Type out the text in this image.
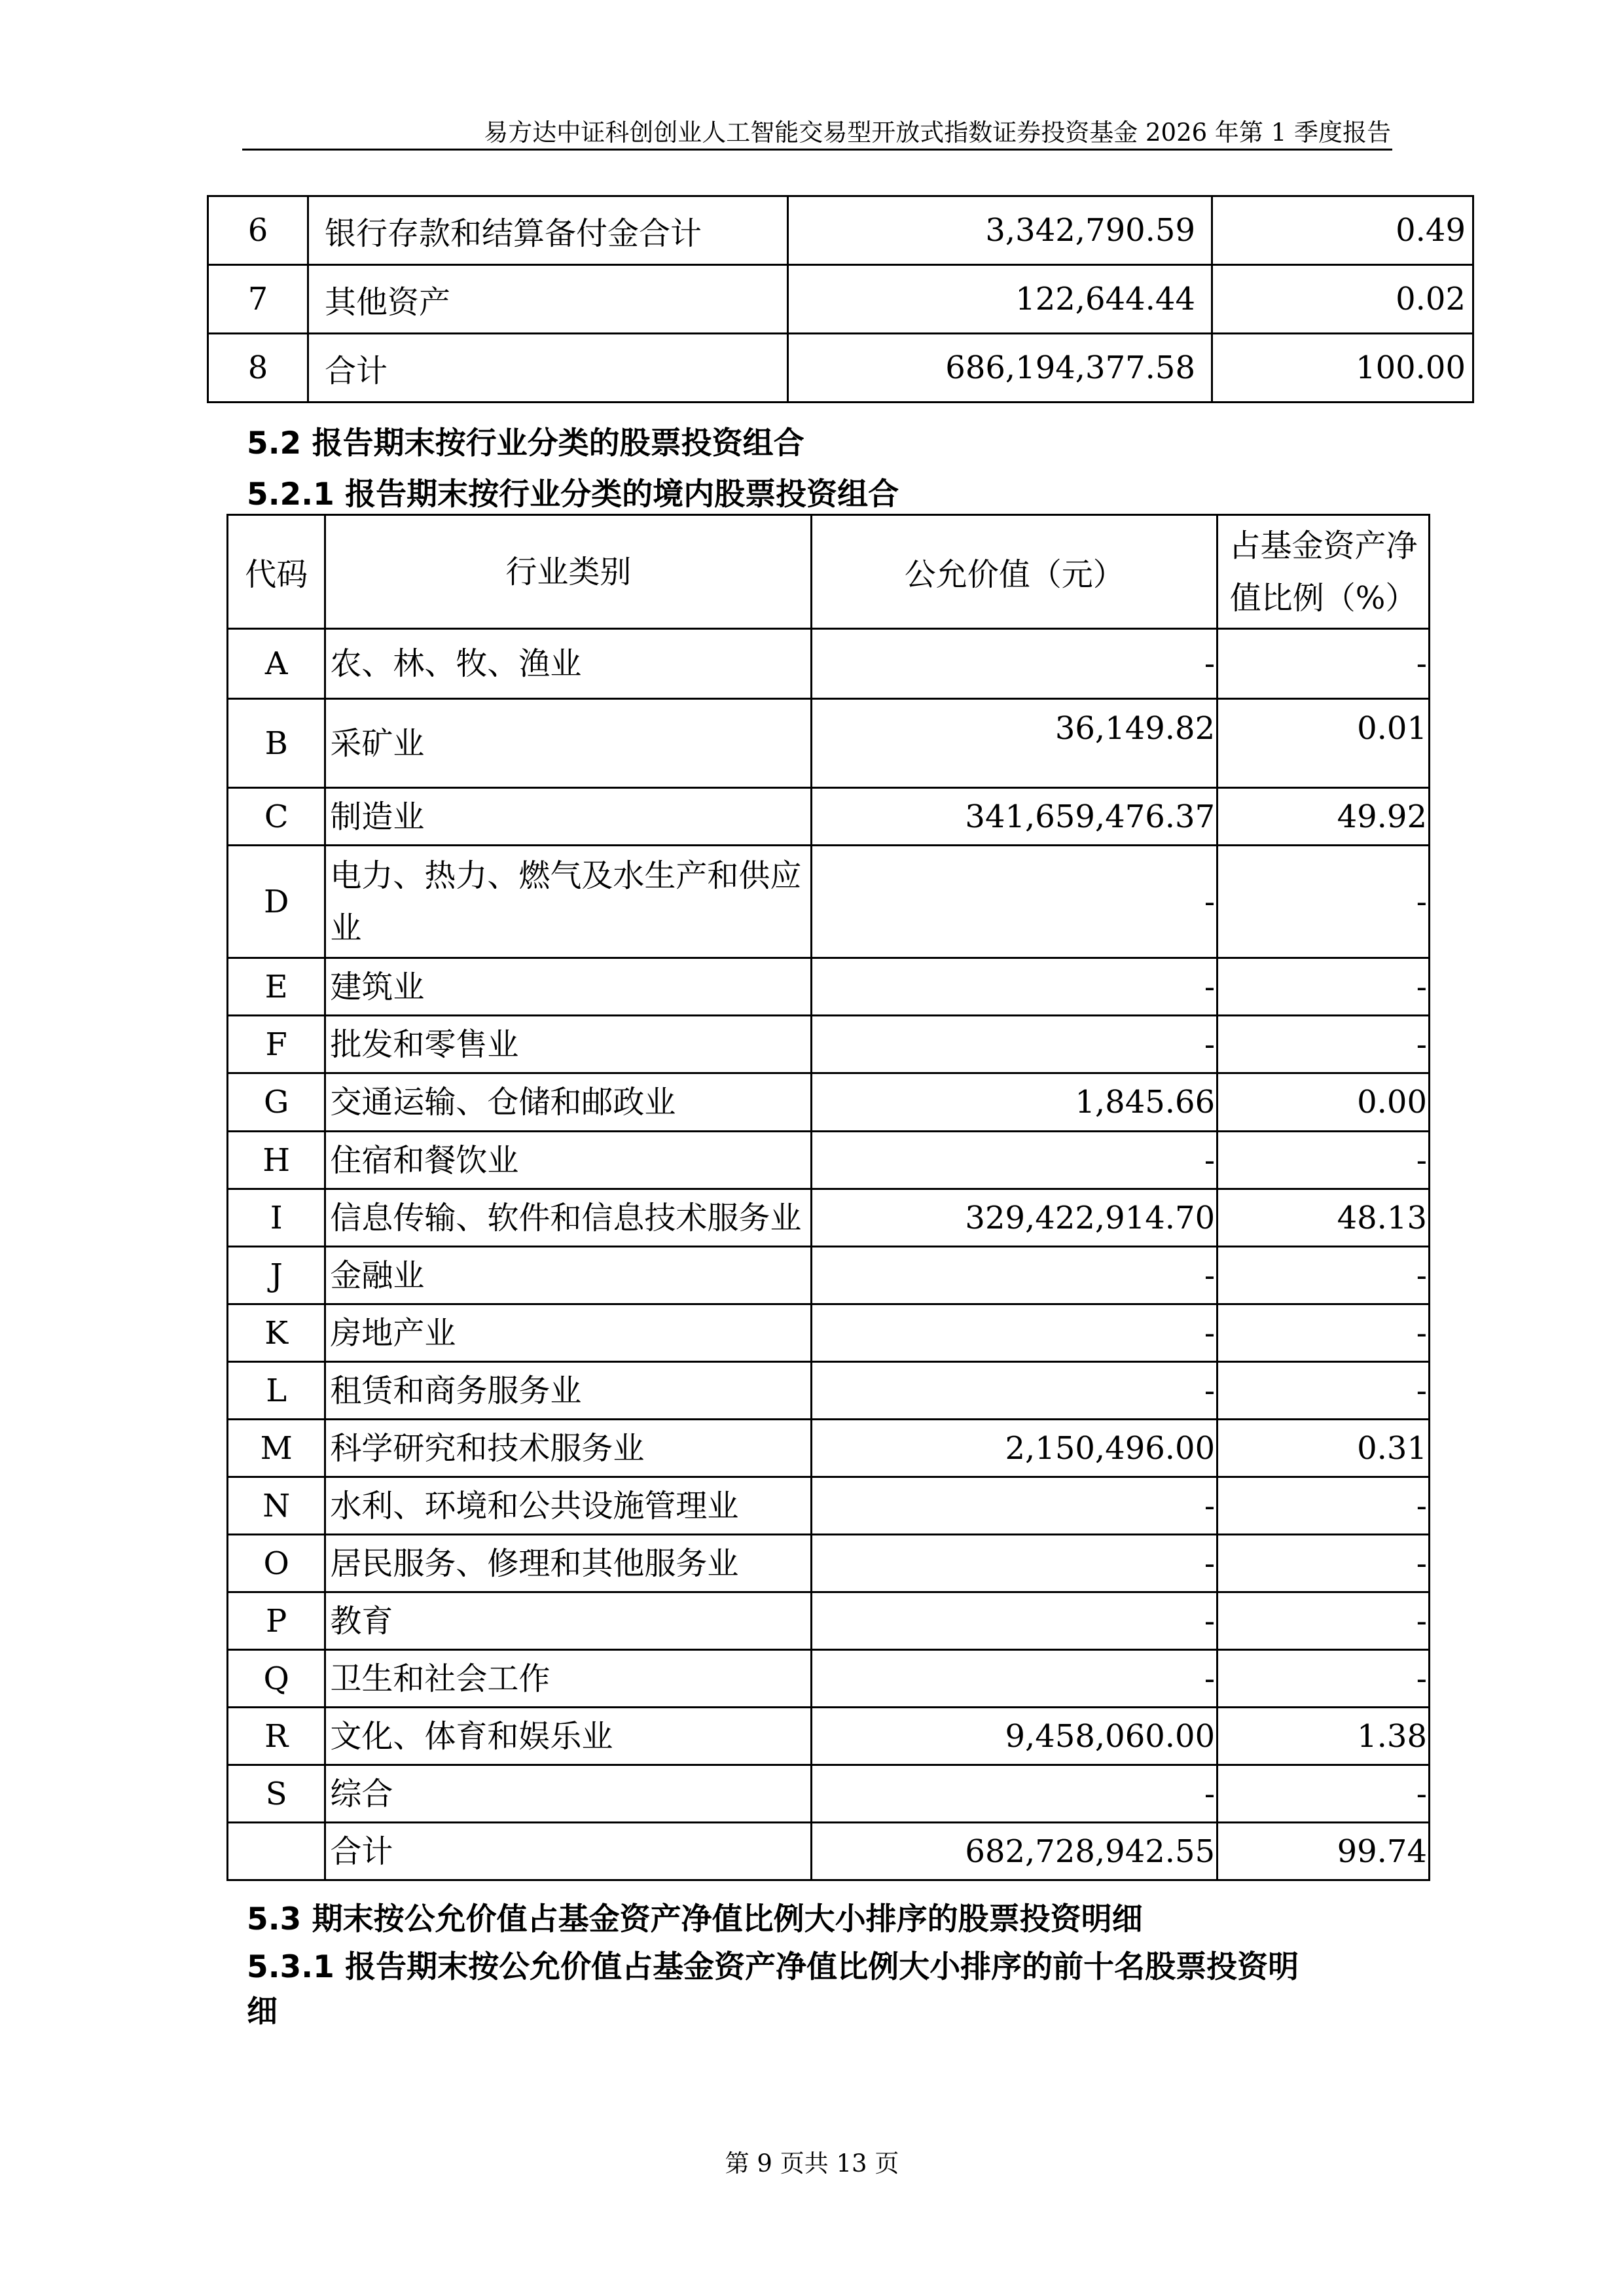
易方达中证科创创业人工智能交易型开放式指数证券投资基金 2026 年第 1 季度报告
6	银行存款和结算备付金合计	3,342,790.59	0.49
7	其他资产	122,644.44	0.02
8	合计	686,194,377.58	100.00
5.2 报告期末按行业分类的股票投资组合
5.2.1 报告期末按行业分类的境内股票投资组合
代码	行业类别	公允价值（元）	占基金资产净
值比例（%）

A	农、林、牧、渔业	-	-
B	采矿业	36,149.82	0.01
C	制造业	341,659,476.37	49.92
D	电力、热力、燃气及水生产和供应业	-	-
E	建筑业	-	-
F	批发和零售业	-	-
G	交通运输、仓储和邮政业	1,845.66	0.00
H	住宿和餐饮业	-	-
I	信息传输、软件和信息技术服务业	329,422,914.70	48.13
J	金融业	-	-
K	房地产业	-	-
L	租赁和商务服务业	-	-
M	科学研究和技术服务业	2,150,496.00	0.31
N	水利、环境和公共设施管理业	-	-
O	居民服务、修理和其他服务业	-	-
P	教育	-	-
Q	卫生和社会工作	-	-
R	文化、体育和娱乐业	9,458,060.00	1.38
S	综合	-	-
	合计	682,728,942.55	99.74
5.3 期末按公允价值占基金资产净值比例大小排序的股票投资明细
5.3.1 报告期末按公允价值占基金资产净值比例大小排序的前十名股票投资明
细
第 9 页共 13 页
